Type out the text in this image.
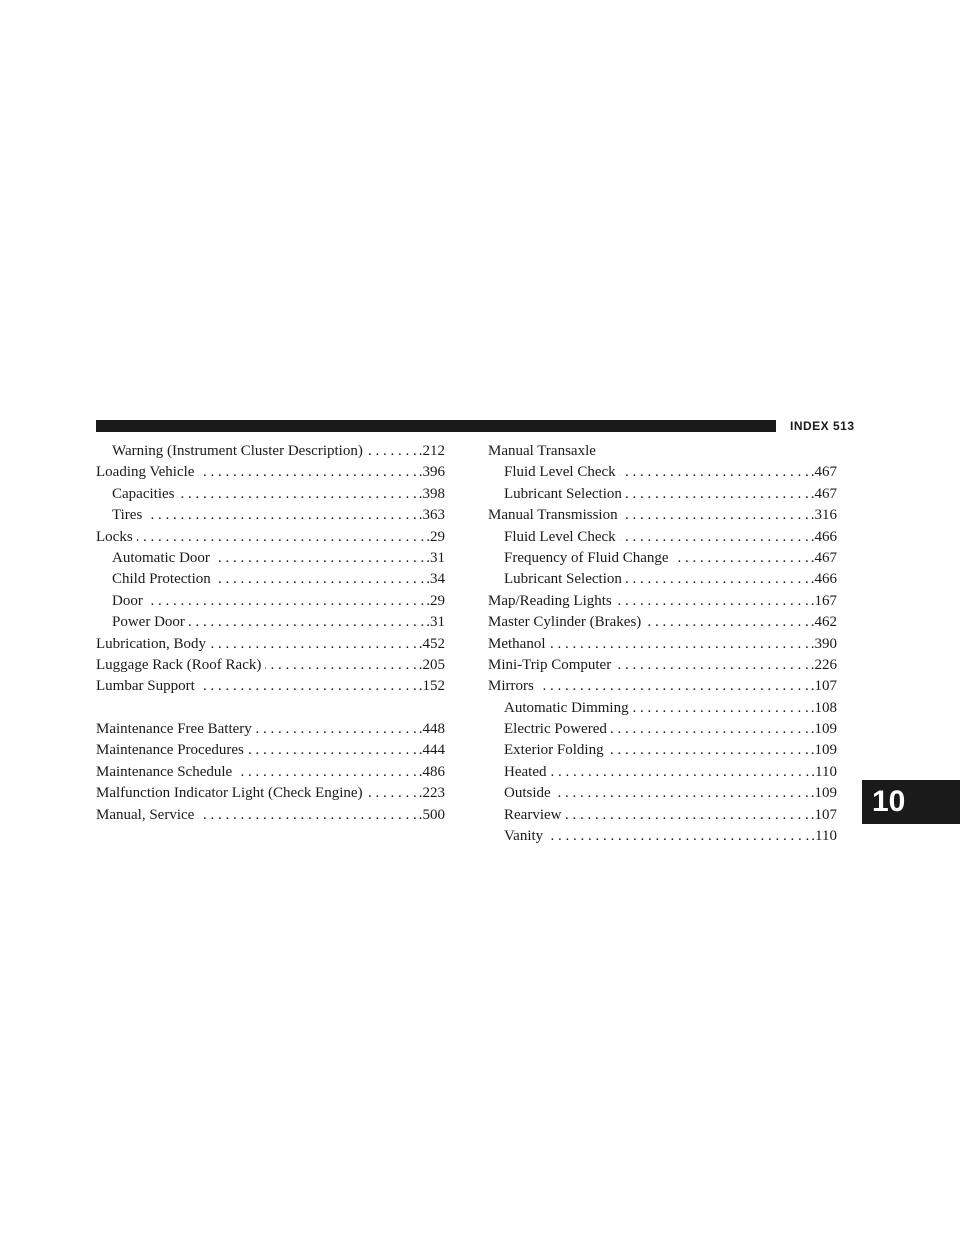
INDEX 513
Warning (Instrument Cluster Description) . . .	.212
Loading Vehicle . . .	.396
Capacities . . .	.398
Tires . . .	.363
Locks . . .	.29
Automatic Door . . .	.31
Child Protection . . .	.34
Door . . .	.29
Power Door . . .	.31
Lubrication, Body . . .	.452
Luggage Rack (Roof Rack) . . .	.205
Lumbar Support . . .	.152
Maintenance Free Battery . . .	.448
Maintenance Procedures . . .	.444
Maintenance Schedule . . .	.486
Malfunction Indicator Light (Check Engine) . . .	.223
Manual, Service . . .	.500
Manual Transaxle
Fluid Level Check . . .	.467
Lubricant Selection . . .	.467
Manual Transmission . . .	.316
Fluid Level Check . . .	.466
Frequency of Fluid Change . . .	.467
Lubricant Selection . . .	.466
Map/Reading Lights . . .	.167
Master Cylinder (Brakes) . . .	.462
Methanol . . .	.390
Mini-Trip Computer . . .	.226
Mirrors . . .	.107
Automatic Dimming . . .	.108
Electric Powered . . .	.109
Exterior Folding . . .	.109
Heated . . .	.110
Outside . . .	.109
Rearview . . .	.107
Vanity . . .	.110
10
